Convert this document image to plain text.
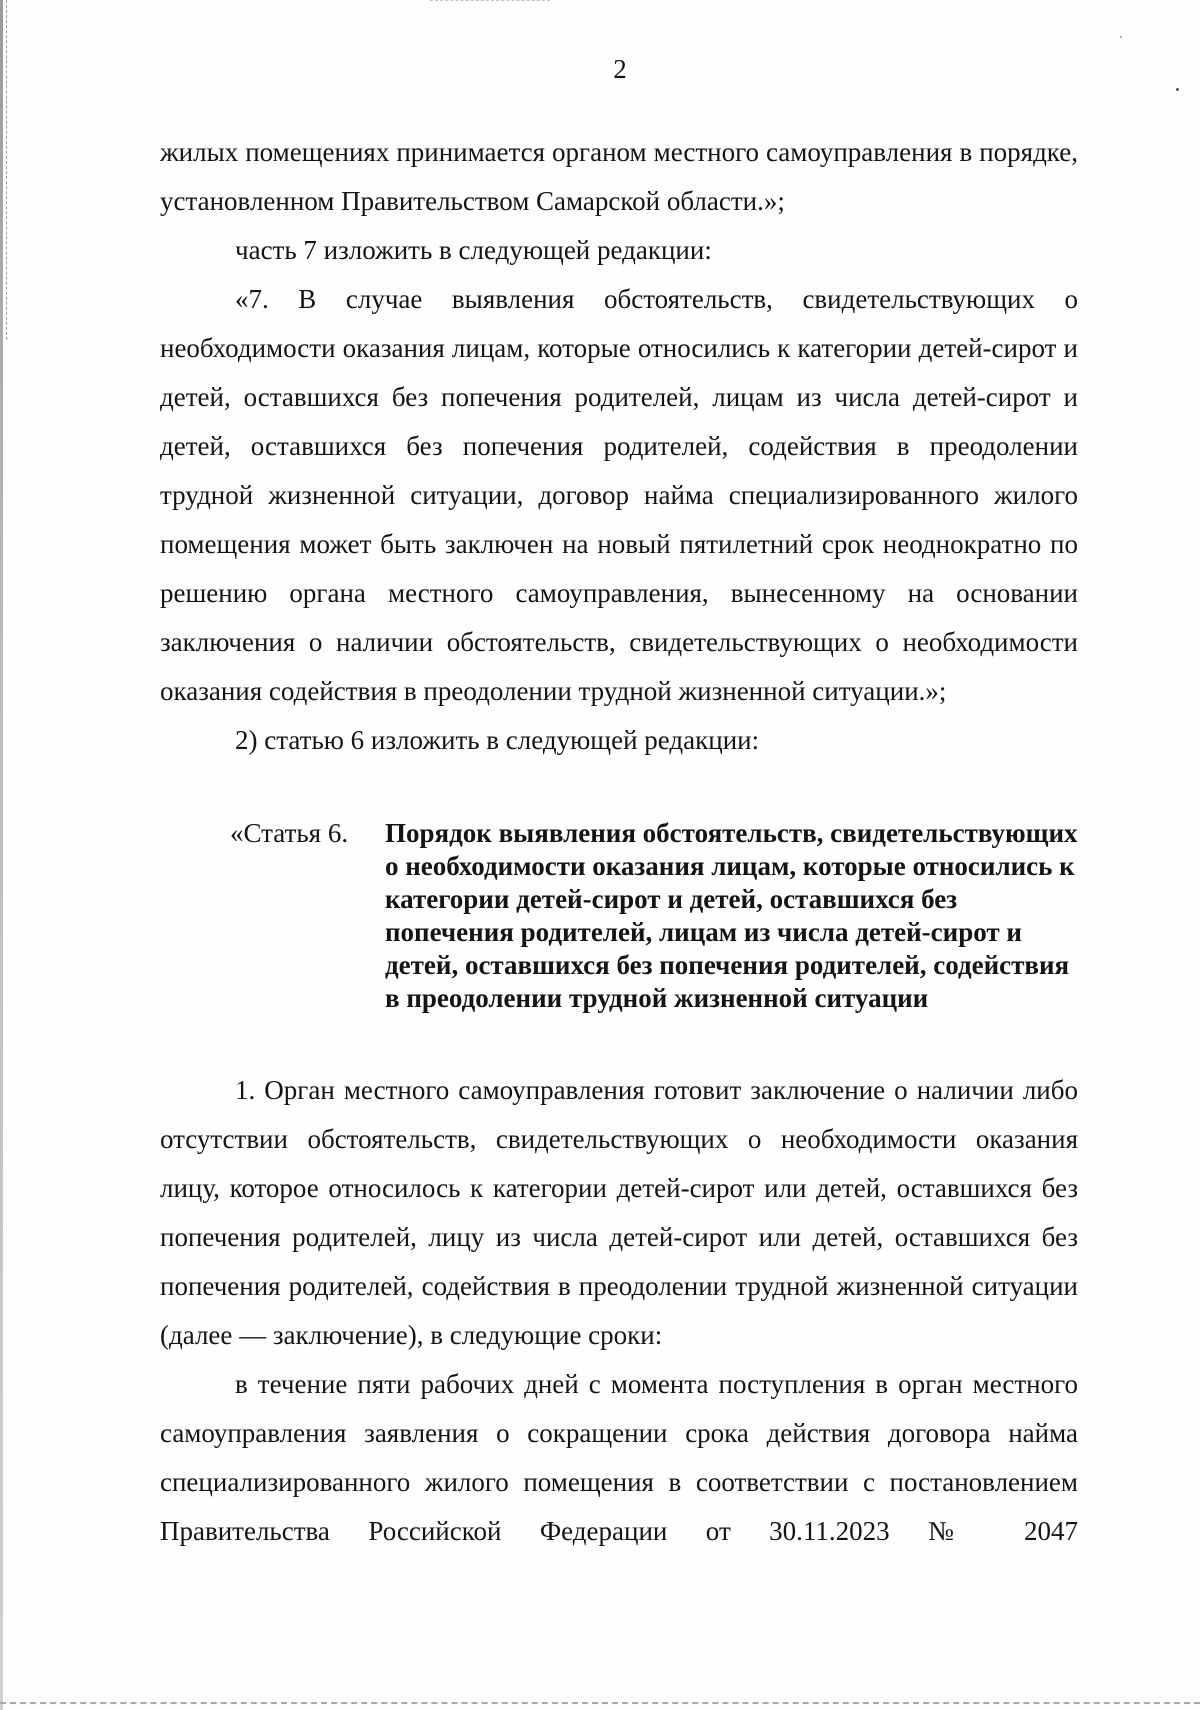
2

жилых помещениях принимается органом местного самоуправления в порядке, установленном Правительством Самарской области.»;

часть 7 изложить в следующей редакции:

«7. В случае выявления обстоятельств, свидетельствующих о необходимости оказания лицам, которые относились к категории детей-сирот и детей, оставшихся без попечения родителей, лицам из числа детей-сирот и детей, оставшихся без попечения родителей, содействия в преодолении трудной жизненной ситуации, договор найма специализированного жилого помещения может быть заключен на новый пятилетний срок неоднократно по решению органа местного самоуправления, вынесенному на основании заключения о наличии обстоятельств, свидетельствующих о необходимости оказания содействия в преодолении трудной жизненной ситуации.»;

2) статью 6 изложить в следующей редакции:

«Статья 6. Порядок выявления обстоятельств, свидетельствующих о необходимости оказания лицам, которые относились к категории детей-сирот и детей, оставшихся без попечения родителей, лицам из числа детей-сирот и детей, оставшихся без попечения родителей, содействия в преодолении трудной жизненной ситуации

1. Орган местного самоуправления готовит заключение о наличии либо отсутствии обстоятельств, свидетельствующих о необходимости оказания лицу, которое относилось к категории детей-сирот или детей, оставшихся без попечения родителей, лицу из числа детей-сирот или детей, оставшихся без попечения родителей, содействия в преодолении трудной жизненной ситуации (далее — заключение), в следующие сроки:

в течение пяти рабочих дней с момента поступления в орган местного самоуправления заявления о сокращении срока действия договора найма специализированного жилого помещения в соответствии с постановлением Правительства Российской Федерации от 30.11.2023 № 2047
